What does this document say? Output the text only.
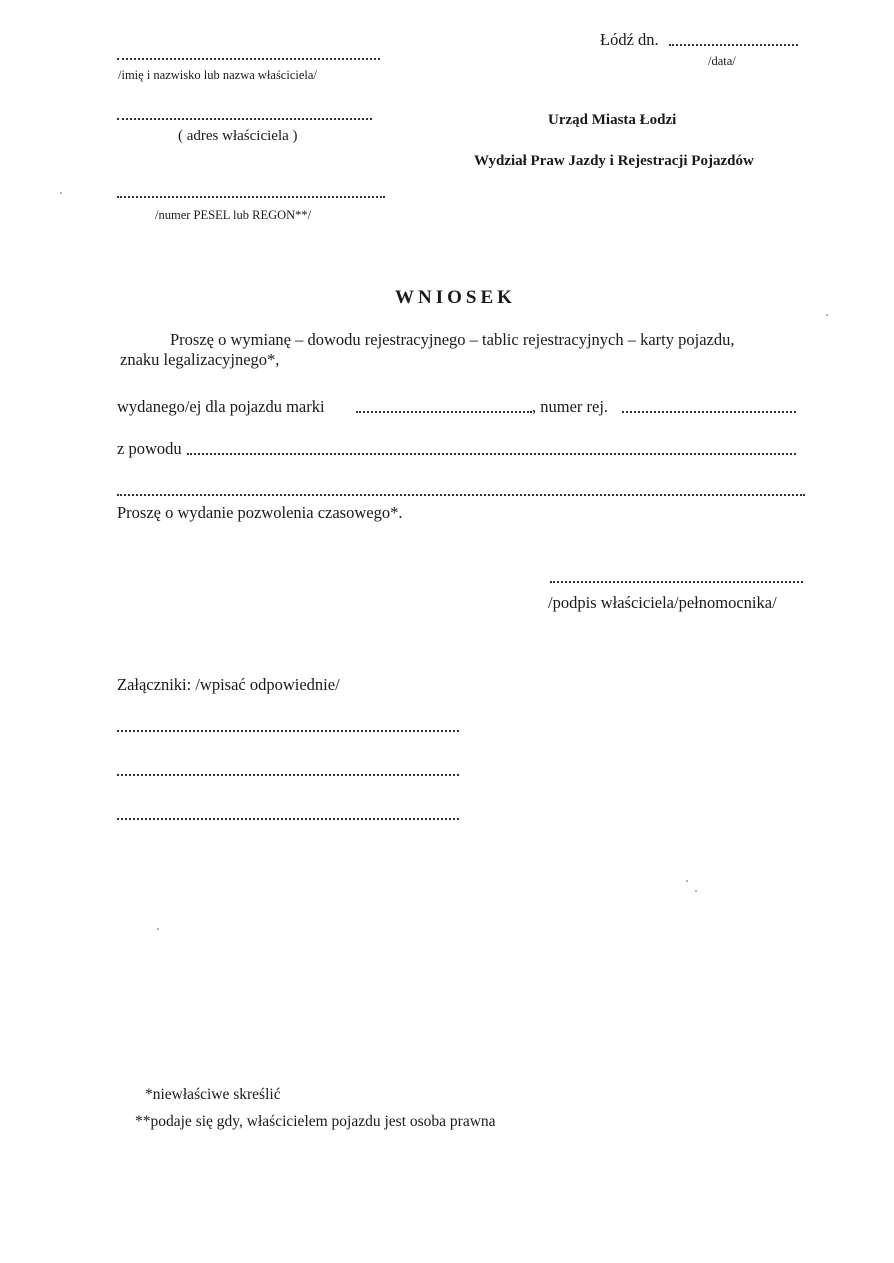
Łódź dn.
/data/
/imię i nazwisko lub nazwa właściciela/
( adres właściciela )
/numer PESEL lub REGON**/
Urząd Miasta Łodzi
Wydział Praw Jazdy i Rejestracji Pojazdów
WNIOSEK
Proszę o wymianę – dowodu rejestracyjnego – tablic rejestracyjnych – karty pojazdu,
znaku legalizacyjnego*,
wydanego/ej dla pojazdu marki	, numer rej.
z powodu
Proszę o wydanie pozwolenia czasowego*.
/podpis właściciela/pełnomocnika/
Załączniki: /wpisać odpowiednie/
*niewłaściwe skreślić
**podaje się gdy, właścicielem pojazdu jest osoba prawna
